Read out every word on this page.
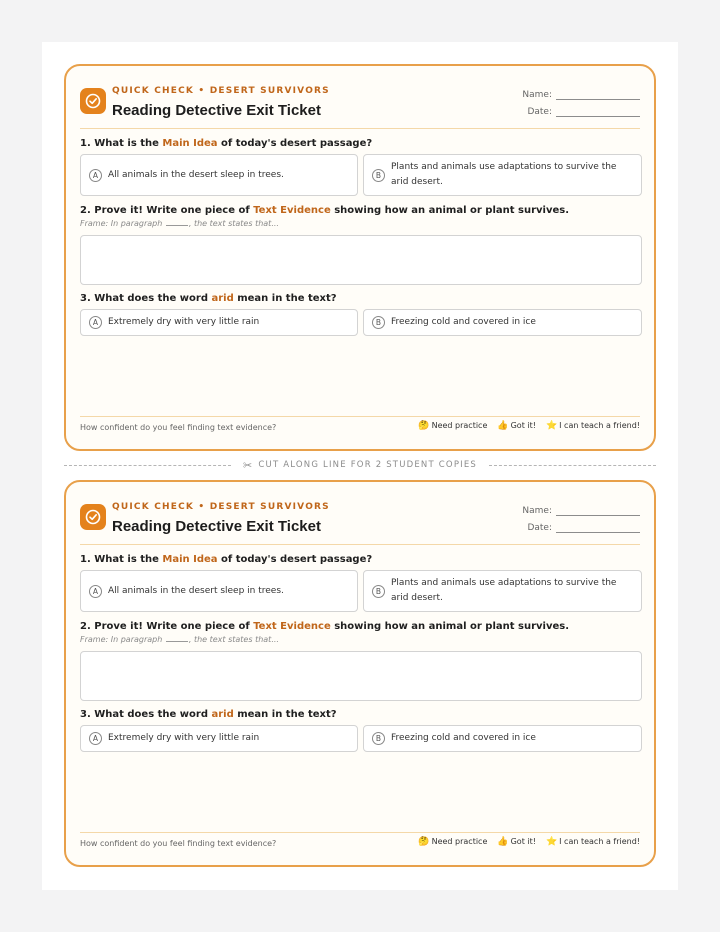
QUICK CHECK • DESERT SURVIVORS
Reading Detective Exit Ticket
Name:
Date:
1. What is the Main Idea of today's desert passage?
A	All animals in the desert sleep in trees.	B
Plants and animals use adaptations to survive the arid desert.
2. Prove it! Write one piece of Text Evidence showing how an animal or plant survives.
Frame: In paragraph	, the text states that...
3. What does the word arid mean in the text?
A	Extremely dry with very little rain	B	Freezing cold and covered in ice
How confident do you feel finding text evidence?	🤔 Need practice 👍 Got it! ⭐ I can teach a friend!
✂ CUT ALONG LINE FOR 2 STUDENT COPIES
QUICK CHECK • DESERT SURVIVORS
Reading Detective Exit Ticket
Name:
Date:
1. What is the Main Idea of today's desert passage?
A	All animals in the desert sleep in trees.	B
Plants and animals use adaptations to survive the arid desert.
2. Prove it! Write one piece of Text Evidence showing how an animal or plant survives.
Frame: In paragraph	, the text states that...
3. What does the word arid mean in the text?
A	Extremely dry with very little rain	B	Freezing cold and covered in ice
How confident do you feel finding text evidence?	🤔 Need practice 👍 Got it! ⭐ I can teach a friend!
